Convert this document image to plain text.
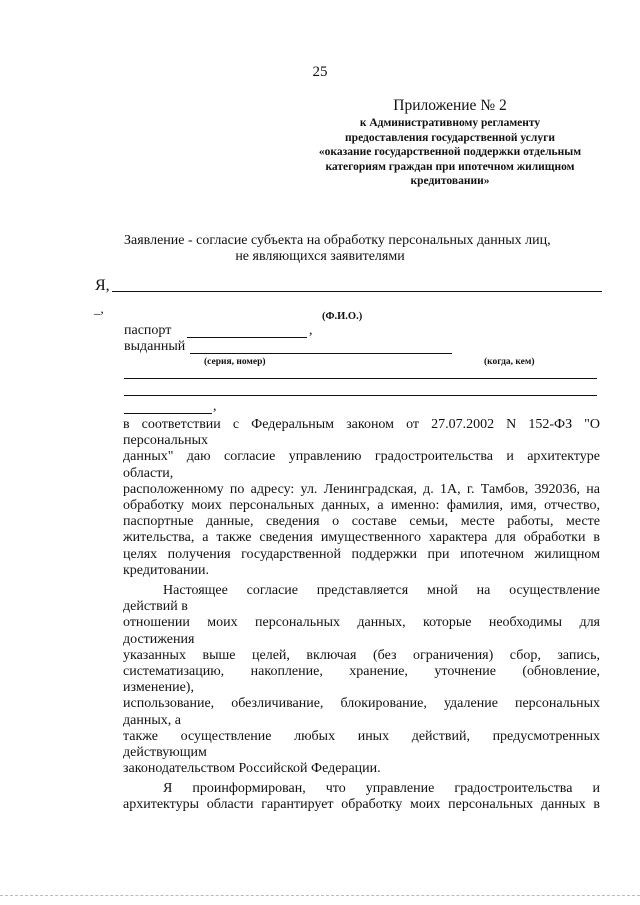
25
Приложение № 2
к Административному регламенту
предоставления государственной услуги
«оказание государственной поддержки отдельным
категориям граждан при ипотечном жилищном
кредитовании»
Заявление - согласие субъекта на обработку персональных данных лиц,
не являющихся заявителями
Я,
_,
(Ф.И.О.)
паспорт	,
выданный
(серия, номер)	(когда, кем)
,
в соответствии с Федеральным законом от 27.07.2002 N 152-ФЗ "О
персональных
данных" даю согласие управлению градостроительства и архитектуре
области,
расположенному по адресу: ул. Ленинградская, д. 1А, г. Тамбов, 392036, на
обработку моих персональных данных, а именно: фамилия, имя, отчество,
паспортные данные, сведения о составе семьи, месте работы, месте
жительства, а также сведения имущественного характера для обработки в
целях получения государственной поддержки при ипотечном жилищном
кредитовании.
Настоящее согласие представляется мной на осуществление
действий в
отношении моих персональных данных, которые необходимы для
достижения
указанных выше целей, включая (без ограничения) сбор, запись,
систематизацию, накопление, хранение, уточнение (обновление,
изменение),
использование, обезличивание, блокирование, удаление персональных
данных, а
также осуществление любых иных действий, предусмотренных
действующим
законодательством Российской Федерации.
Я проинформирован, что управление градостроительства и
архитектуры области гарантирует обработку моих персональных данных в
